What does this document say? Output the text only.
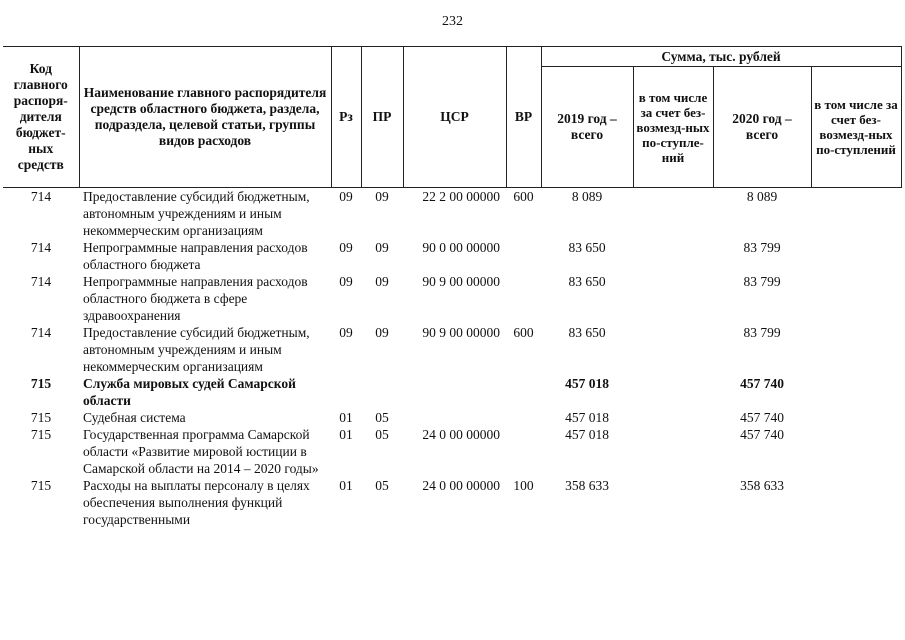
232
Код главного распоря-дителя бюджет-ных средств	Наименование главного распорядителя средств областного бюджета, раздела, подраздела, целевой статьи, группы видов расходов	Рз	ПР	ЦСР	ВР	Сумма, тыс. рублей			
						2019 год – всего	в том числе за счет без-возмезд-ных по-ступле-ний	2020 год – всего	в том числе за счет без-возмезд-ных по-ступлений
714	Предоставление субсидий бюджетным, автономным учреждениям и иным некоммерческим организациям	09	09	22 2 00 00000	600	8 089		8 089	
714	Непрограммные направления расходов областного бюджета	09	09	90 0 00 00000		83 650		83 799	
714	Непрограммные направления расходов областного бюджета в сфере здравоохранения	09	09	90 9 00 00000		83 650		83 799	
714	Предоставление субсидий бюджетным, автономным учреждениям и иным некоммерческим организациям	09	09	90 9 00 00000	600	83 650		83 799	
715	Служба мировых судей Самарской области					457 018		457 740	
715	Судебная система	01	05			457 018		457 740	
715	Государственная программа Самарской области «Развитие мировой юстиции в Самарской области на 2014 – 2020 годы»	01	05	24 0 00 00000		457 018		457 740	
715	Расходы на выплаты персоналу в целях обеспечения выполнения функций государственными	01	05	24 0 00 00000	100	358 633		358 633	
